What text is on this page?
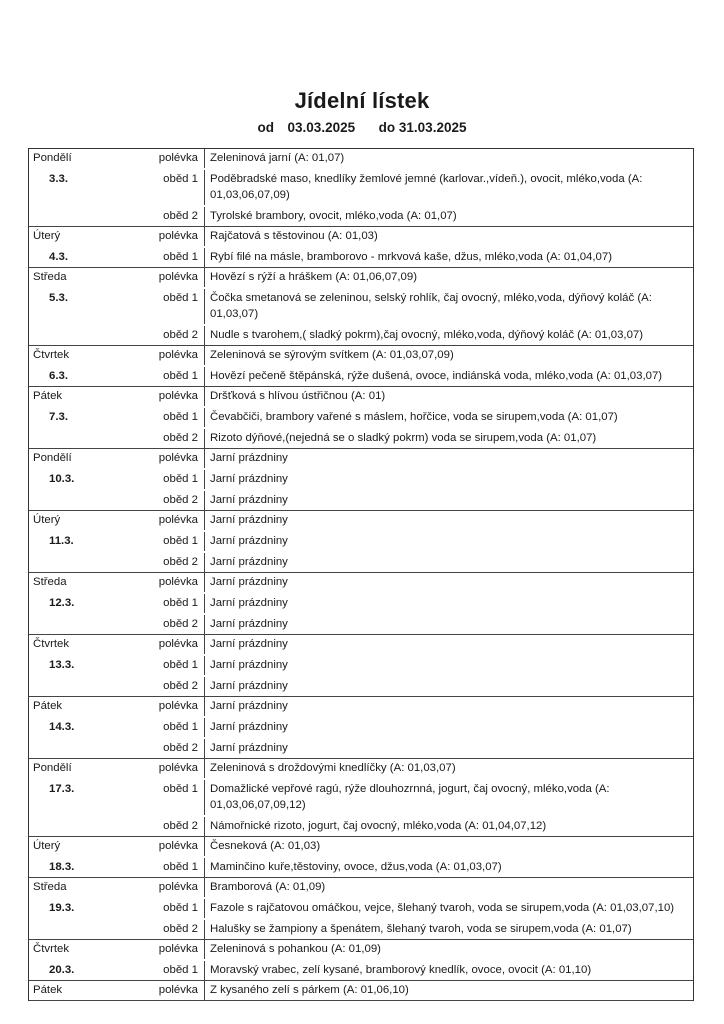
Jídelní lístek
od 03.03.2025 do 31.03.2025
Pondělí	polévka	Zeleninová jarní (A: 01,07)
3.3.	oběd 1	Poděbradské maso, knedlíky žemlové jemné (karlovar.,vídeň.), ovocit, mléko,voda (A: 01,03,06,07,09)
oběd 2	Tyrolské brambory, ovocit, mléko,voda (A: 01,07)
Úterý	polévka	Rajčatová s těstovinou (A: 01,03)
4.3.	oběd 1	Rybí filé na másle, bramborovo - mrkvová kaše, džus, mléko,voda (A: 01,04,07)
Středa	polévka	Hovězí s rýží a hráškem (A: 01,06,07,09)
5.3.	oběd 1	Čočka smetanová se zeleninou, selský rohlík, čaj ovocný, mléko,voda, dýňový koláč (A: 01,03,07)
oběd 2	Nudle s tvarohem,( sladký pokrm),čaj ovocný, mléko,voda, dýňový koláč (A: 01,03,07)
Čtvrtek	polévka	Zeleninová se sýrovým svítkem (A: 01,03,07,09)
6.3.	oběd 1	Hovězí pečeně štěpánská, rýže dušená, ovoce, indiánská voda, mléko,voda (A: 01,03,07)
Pátek	polévka	Dršťková s hlívou ústřičnou (A: 01)
7.3.	oběd 1	Čevabčiči, brambory vařené s máslem, hořčice, voda se sirupem,voda (A: 01,07)
oběd 2	Rizoto dýňové,(nejedná se o sladký pokrm) voda se sirupem,voda (A: 01,07)
Pondělí	polévka	Jarní prázdniny
10.3.	oběd 1	Jarní prázdniny
oběd 2	Jarní prázdniny
Úterý	polévka	Jarní prázdniny
11.3.	oběd 1	Jarní prázdniny
oběd 2	Jarní prázdniny
Středa	polévka	Jarní prázdniny
12.3.	oběd 1	Jarní prázdniny
oběd 2	Jarní prázdniny
Čtvrtek	polévka	Jarní prázdniny
13.3.	oběd 1	Jarní prázdniny
oběd 2	Jarní prázdniny
Pátek	polévka	Jarní prázdniny
14.3.	oběd 1	Jarní prázdniny
oběd 2	Jarní prázdniny
Pondělí	polévka	Zeleninová s droždovými knedlíčky (A: 01,03,07)
17.3.	oběd 1	Domažlické vepřové ragú, rýže dlouhozrnná, jogurt, čaj ovocný, mléko,voda (A: 01,03,06,07,09,12)
oběd 2	Námořnické rizoto, jogurt, čaj ovocný, mléko,voda (A: 01,04,07,12)
Úterý	polévka	Česneková (A: 01,03)
18.3.	oběd 1	Maminčino kuře,těstoviny, ovoce, džus,voda (A: 01,03,07)
Středa	polévka	Bramborová (A: 01,09)
19.3.	oběd 1	Fazole s rajčatovou omáčkou, vejce, šlehaný tvaroh, voda se sirupem,voda (A: 01,03,07,10)
oběd 2	Halušky se žampiony a špenátem, šlehaný tvaroh, voda se sirupem,voda (A: 01,07)
Čtvrtek	polévka	Zeleninová s pohankou (A: 01,09)
20.3.	oběd 1	Moravský vrabec, zelí kysané, bramborový knedlík, ovoce, ovocit (A: 01,10)
Pátek	polévka	Z kysaného zelí s párkem (A: 01,06,10)
